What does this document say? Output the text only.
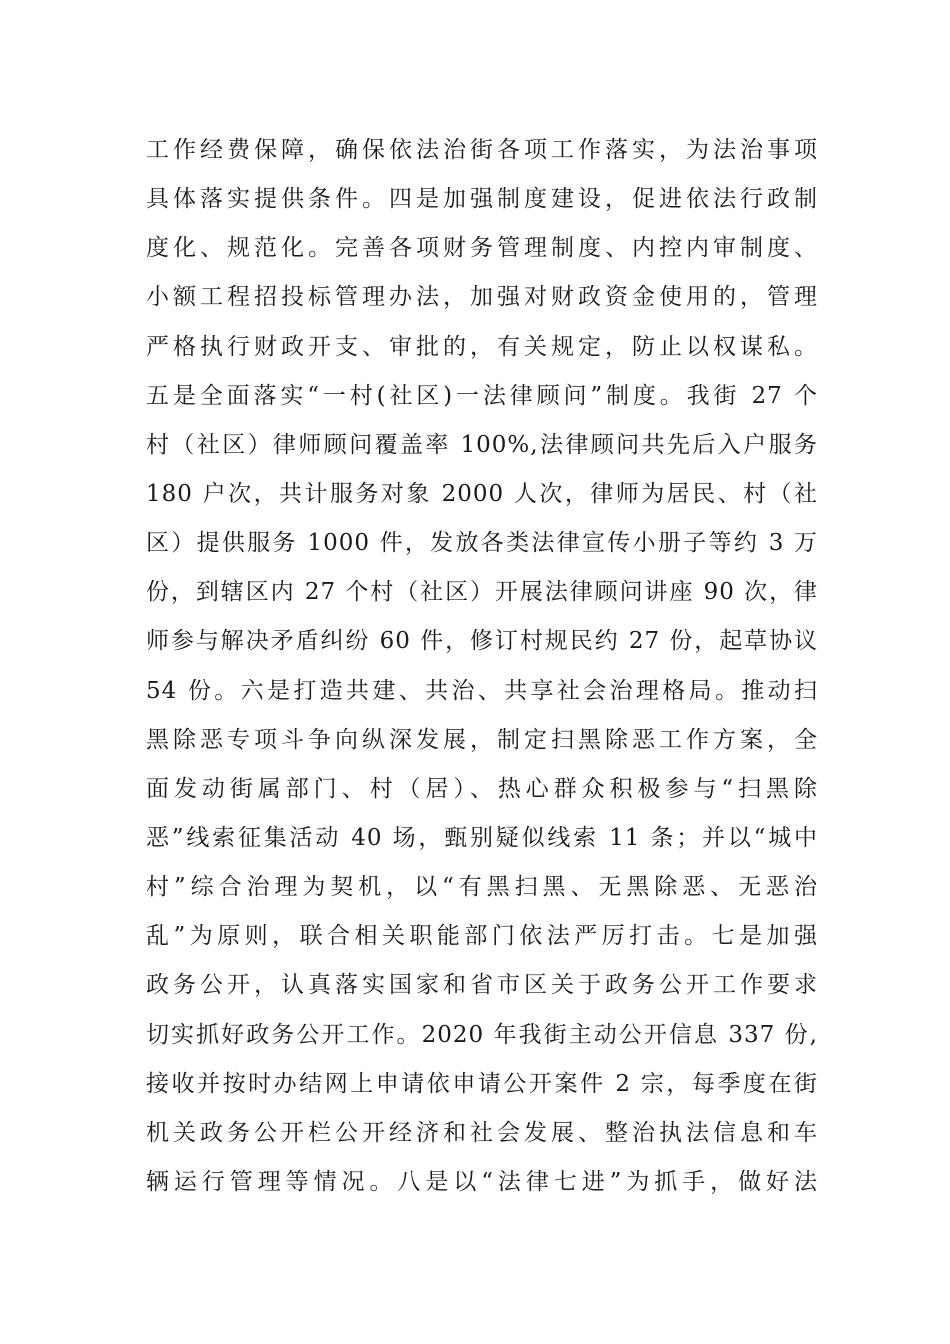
工作经费保障，确保依法治街各项工作落实，为法治事项
具体落实提供条件。四是加强制度建设，促进依法行政制
度化、规范化。完善各项财务管理制度、内控内审制度、
小额工程招投标管理办法，加强对财政资金使用的，管理
严格执行财政开支、审批的，有关规定，防止以权谋私。
五是全面落实“一村(社区)一法律顾问”制度。我街 27 个
村（社区）律师顾问覆盖率 100%,法律顾问共先后入户服务
180 户次，共计服务对象 2000 人次，律师为居民、村（社
区）提供服务 1000 件，发放各类法律宣传小册子等约 3 万
份，到辖区内 27 个村（社区）开展法律顾问讲座 90 次，律
师参与解决矛盾纠纷 60 件，修订村规民约 27 份，起草协议
54 份。六是打造共建、共治、共享社会治理格局。推动扫
黑除恶专项斗争向纵深发展，制定扫黑除恶工作方案，全
面发动街属部门、村（居）、热心群众积极参与“扫黑除
恶”线索征集活动 40 场，甄别疑似线索 11 条；并以“城中
村”综合治理为契机，以“有黑扫黑、无黑除恶、无恶治
乱”为原则，联合相关职能部门依法严厉打击。七是加强
政务公开，认真落实国家和省市区关于政务公开工作要求
切实抓好政务公开工作。2020 年我街主动公开信息 337 份,
接收并按时办结网上申请依申请公开案件 2 宗，每季度在街
机关政务公开栏公开经济和社会发展、整治执法信息和车
辆运行管理等情况。八是以“法律七进”为抓手，做好法
